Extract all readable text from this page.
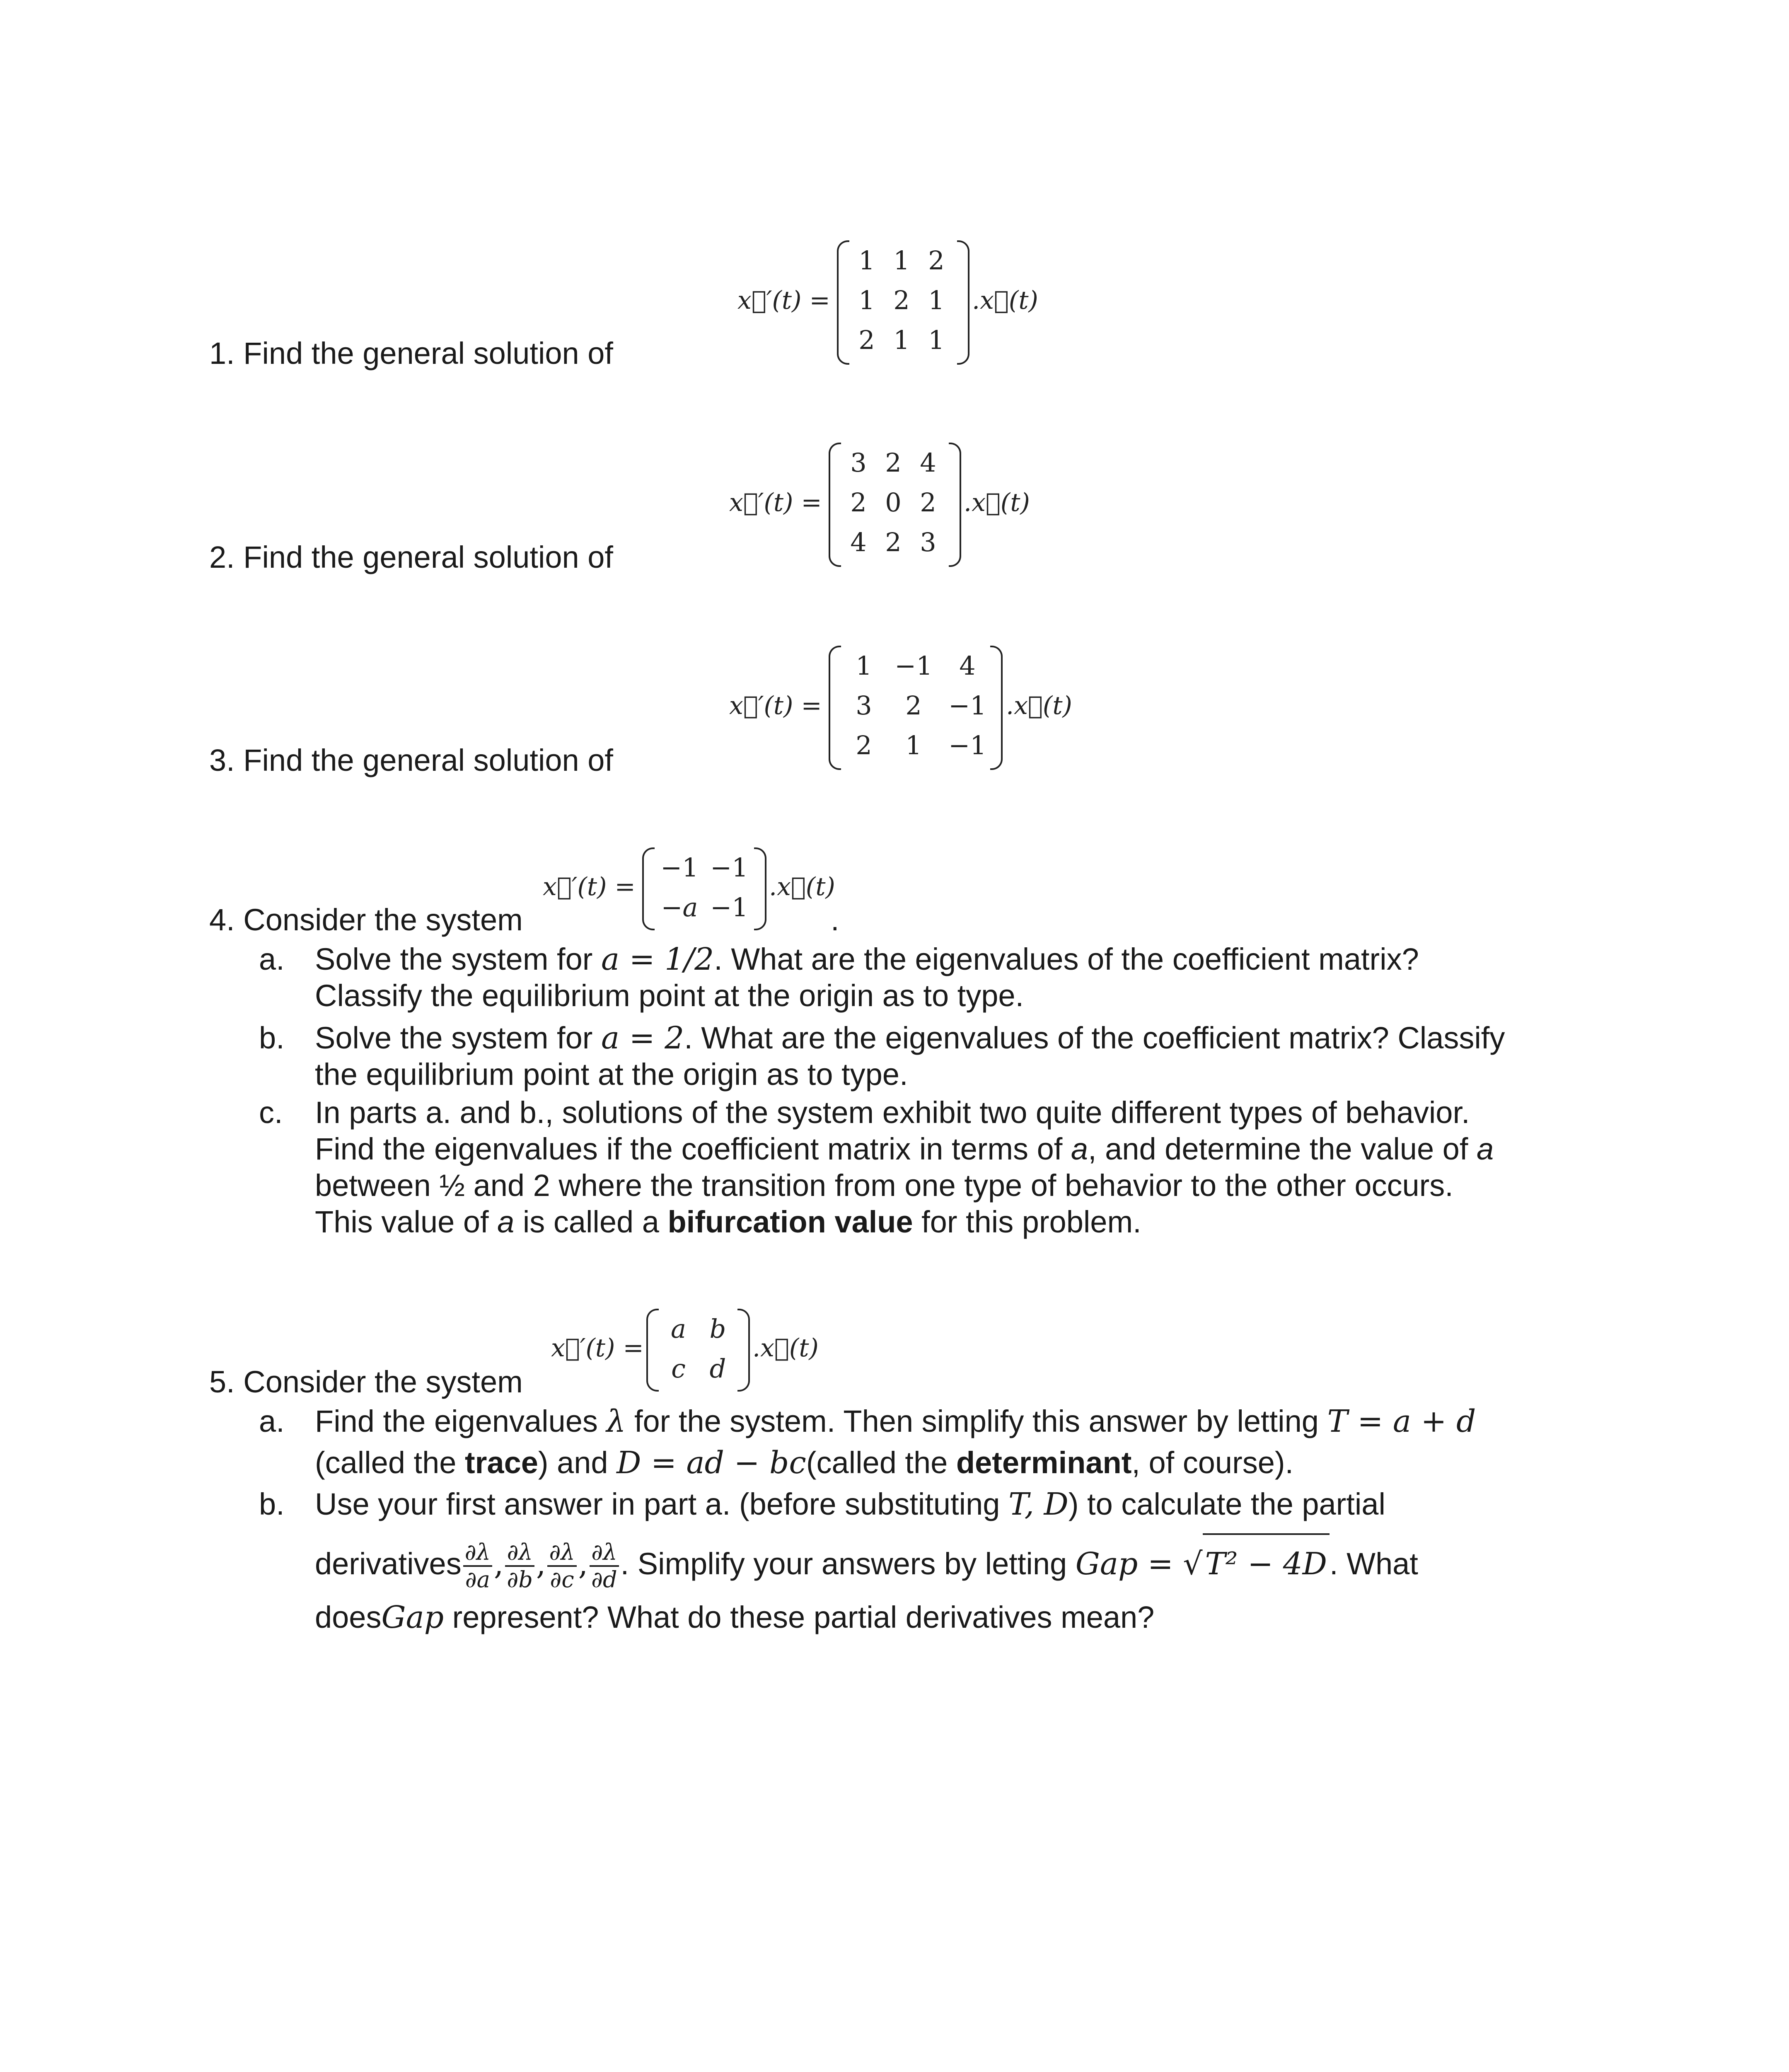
1. Find the general solution of
x⃗′(t) =
1	1	2
1	2	1
2	1	1
.x⃗(t)
2. Find the general solution of
x⃗′(t) =
3	2	4
2	0	2
4	2	3
.x⃗(t)
3. Find the general solution of
x⃗′(t) =
1	−1	4
3	2	−1
2	1	−1
.x⃗(t)
x⃗′(t) =
−1	−1
−a	−1
.x⃗(t)
4. Consider the system	.
a. Solve the system for a = 1/2. What are the eigenvalues of the coefficient matrix?
Classify the equilibrium point at the origin as to type.
b. Solve the system for a = 2. What are the eigenvalues of the coefficient matrix? Classify
the equilibrium point at the origin as to type.
c. In parts a. and b., solutions of the system exhibit two quite different types of behavior.
Find the eigenvalues if the coefficient matrix in terms of a, and determine the value of a
between ½ and 2 where the transition from one type of behavior to the other occurs.
This value of a is called a bifurcation value for this problem.
x⃗′(t) =
a	b
c	d
.x⃗(t)
5. Consider the system
a. Find the eigenvalues λ for the system. Then simplify this answer by letting T = a + d
(called the trace) and D = ad − bc(called the determinant, of course).
b. Use your first answer in part a. (before substituting T, D) to calculate the partial
derivatives $\frac{\partial\lambda}{\partial a}$ , $\frac{\partial\lambda}{\partial b}$ , $\frac{\partial\lambda}{\partial c}$ , $\frac{\partial\lambda}{\partial d}$ . Simplify your answers by letting Gap = √T² − 4D. What
doesGap represent? What do these partial derivatives mean?
